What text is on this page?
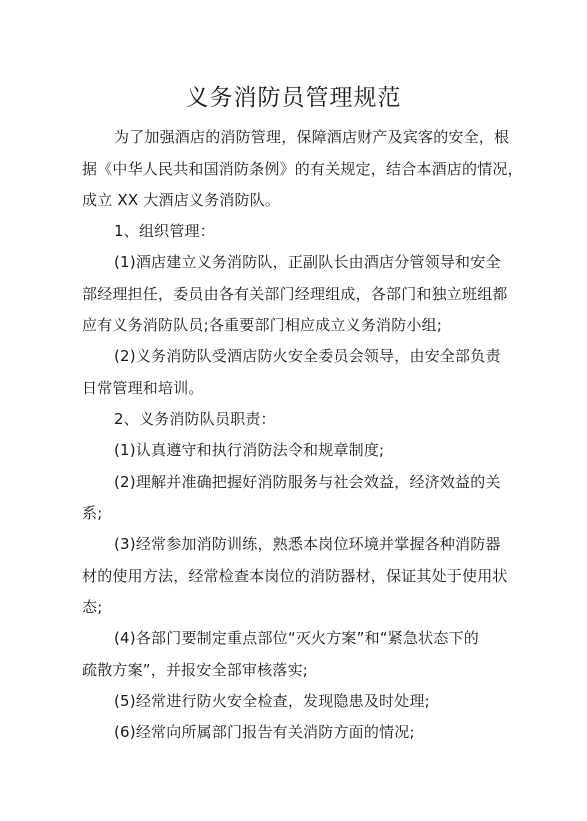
义务消防员管理规范
为了加强酒店的消防管理，保障酒店财产及宾客的安全，根
据《中华人民共和国消防条例》的有关规定，结合本酒店的情况，
成立 XX 大酒店义务消防队。
1、组织管理：
(1)酒店建立义务消防队，正副队长由酒店分管领导和安全
部经理担任，委员由各有关部门经理组成，各部门和独立班组都
应有义务消防队员;各重要部门相应成立义务消防小组;
(2)义务消防队受酒店防火安全委员会领导，由安全部负责
日常管理和培训。
2、义务消防队员职责：
(1)认真遵守和执行消防法令和规章制度;
(2)理解并准确把握好消防服务与社会效益，经济效益的关
系;
(3)经常参加消防训练，熟悉本岗位环境并掌握各种消防器
材的使用方法，经常检查本岗位的消防器材，保证其处于使用状
态;
(4)各部门要制定重点部位“灭火方案”和“紧急状态下的
疏散方案”，并报安全部审核落实;
(5)经常进行防火安全检查，发现隐患及时处理;
(6)经常向所属部门报告有关消防方面的情况;
